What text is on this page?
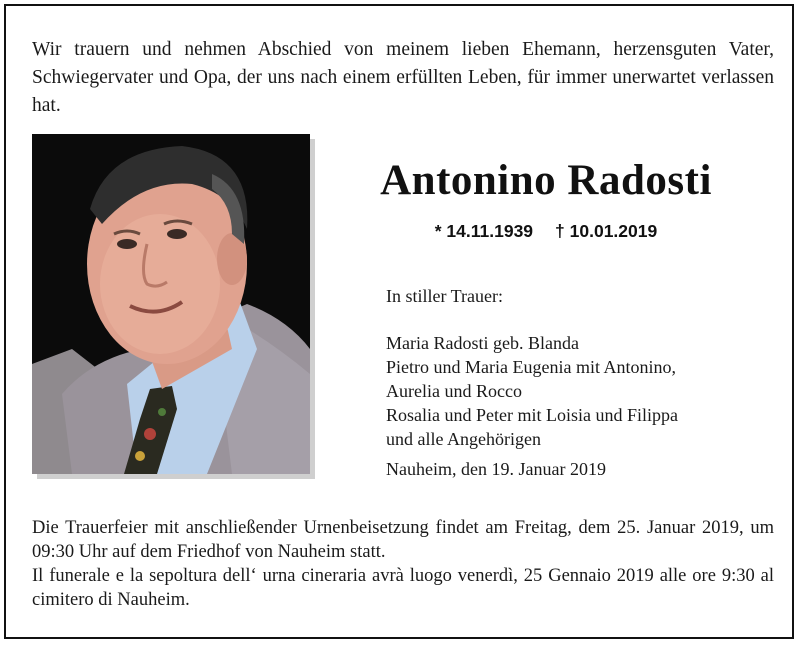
Wir trauern und nehmen Abschied von meinem lieben Ehemann, herzensguten Vater, Schwiegervater und Opa, der uns nach einem erfüllten Leben, für immer unerwartet verlassen hat.
Antonino Radosti
* 14.11.1939 † 10.01.2019
In stiller Trauer:
Maria Radosti geb. Blanda
Pietro und Maria Eugenia mit Antonino,
Aurelia und Rocco
Rosalia und Peter mit Loisia und Filippa
und alle Angehörigen
Nauheim, den 19. Januar 2019

Die Trauerfeier mit anschließender Urnenbeisetzung findet am Freitag, dem 25. Januar 2019, um 09:30 Uhr auf dem Friedhof von Nauheim statt.

Il funerale e la sepoltura dell‘ urna cineraria avrà luogo venerdì, 25 Gennaio 2019 alle ore 9:30 al cimitero di Nauheim.
